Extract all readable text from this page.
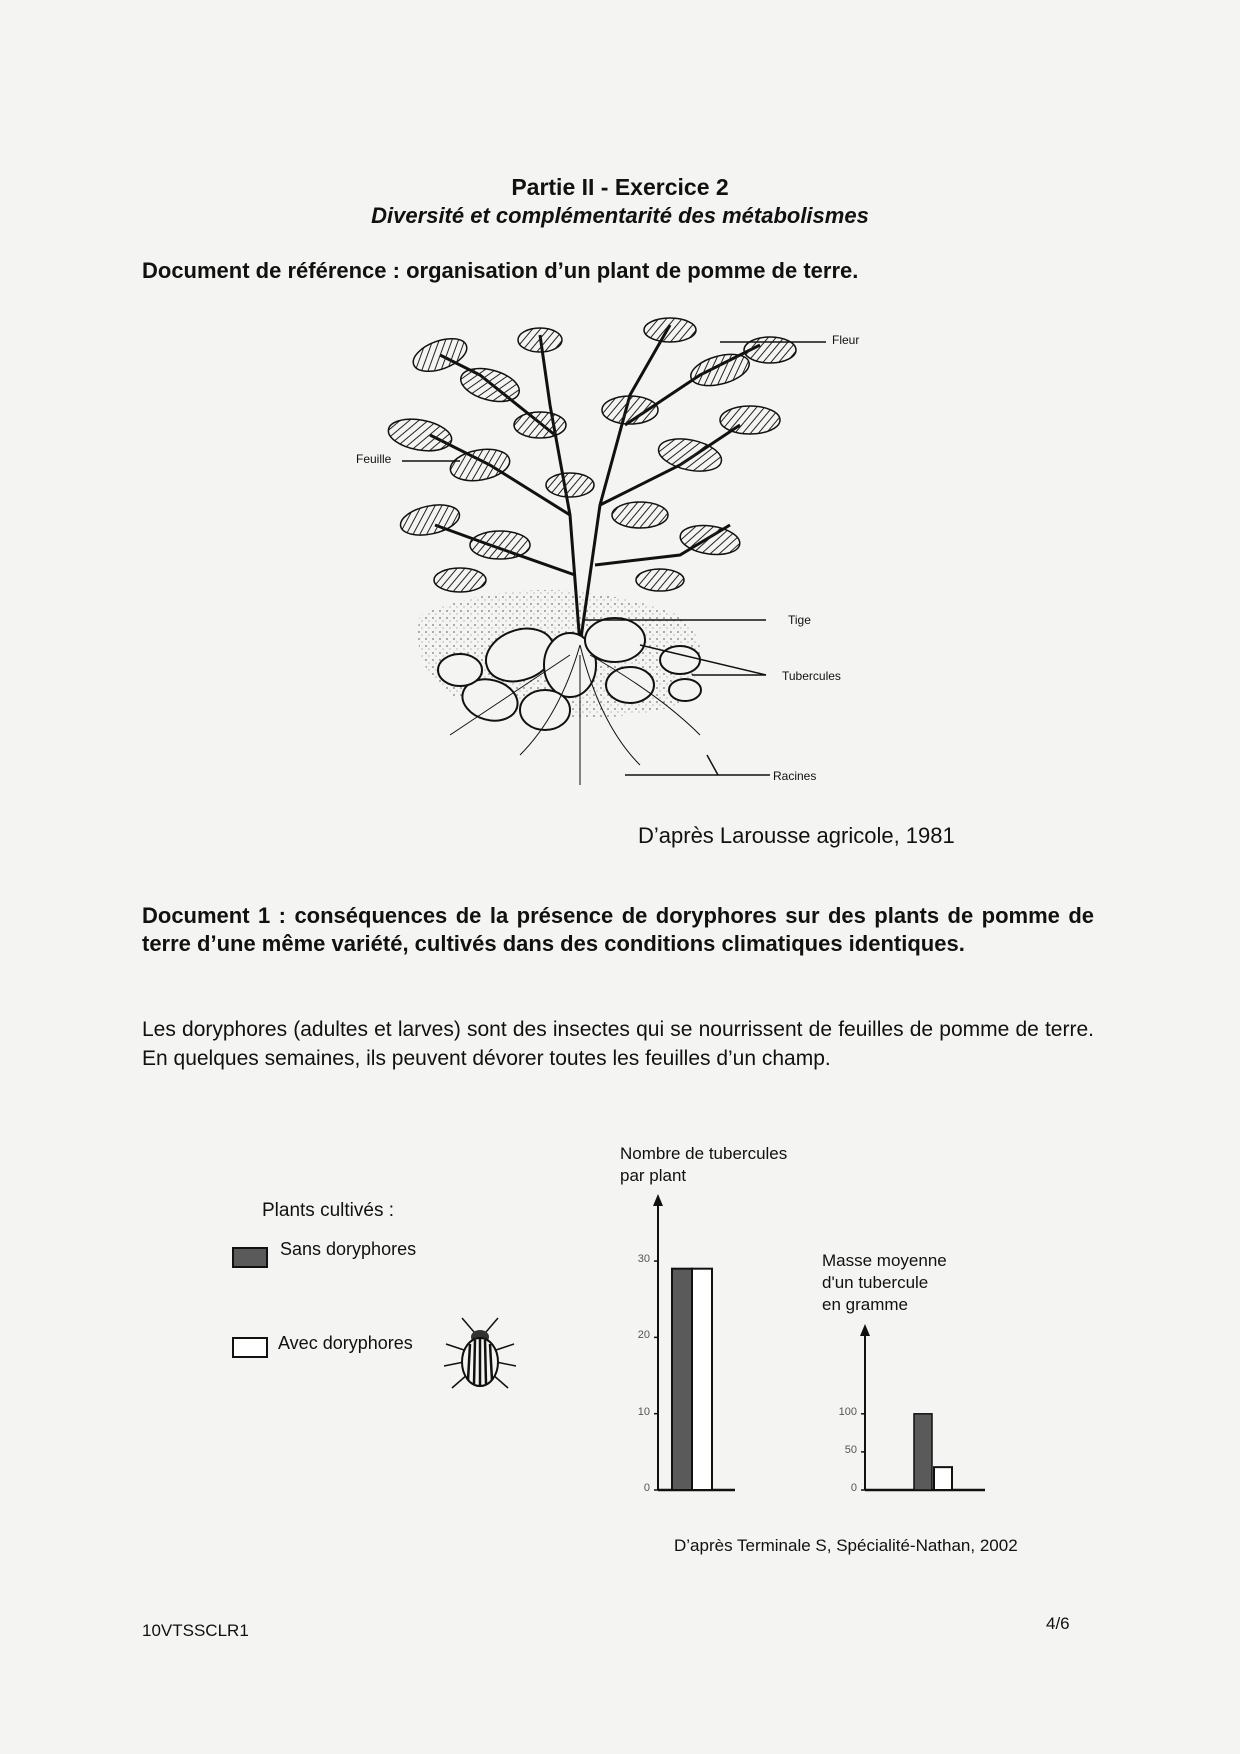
Partie II - Exercice 2
Diversité et complémentarité des métabolismes
Document de référence : organisation d’un plant de pomme de terre.
Fleur
Feuille
Tige
Tubercules
Racines
D’après Larousse agricole, 1981
Document 1 : conséquences de la présence de doryphores sur des plants de pomme de terre d’une même variété, cultivés dans des conditions climatiques identiques.
Les doryphores (adultes et larves) sont des insectes qui se nourrissent de feuilles de pomme de terre. En quelques semaines, ils peuvent dévorer toutes les feuilles d’un champ.
Plants cultivés :
Sans doryphores
Avec doryphores
Nombre de tubercules
par plant
0
10
20
30	Masse moyenne
d'un tubercule
en gramme
0
50
100
D’après Terminale S, Spécialité-Nathan, 2002
10VTSSCLR1	4/6
